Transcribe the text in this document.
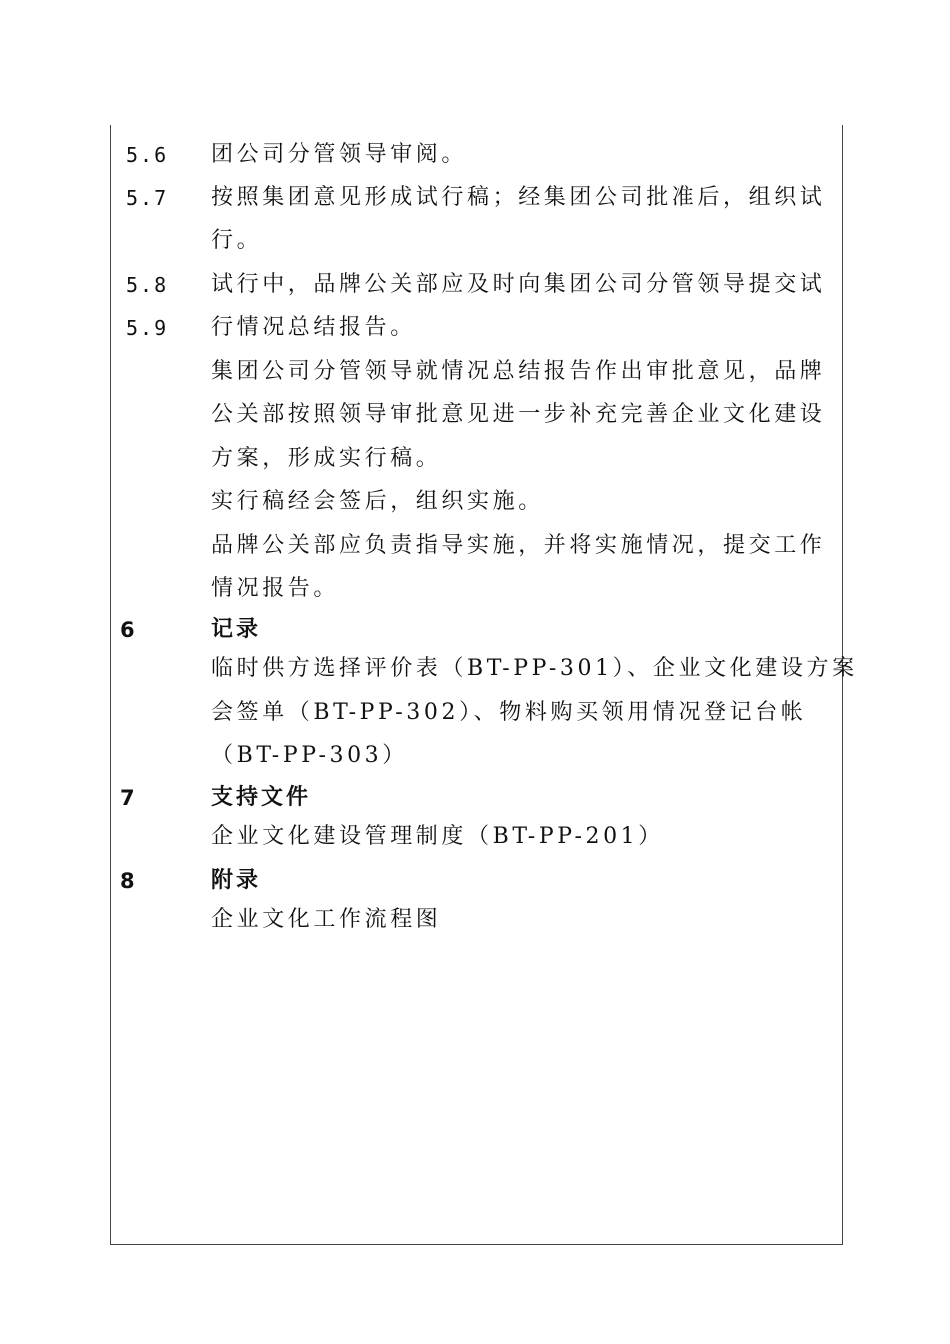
5.6 团公司分管领导审阅。
5.7 按照集团意见形成试行稿；经集团公司批准后，组织试
行。
5.8 试行中，品牌公关部应及时向集团公司分管领导提交试
5.9 行情况总结报告。
集团公司分管领导就情况总结报告作出审批意见，品牌
公关部按照领导审批意见进一步补充完善企业文化建设
方案，形成实行稿。
实行稿经会签后，组织实施。
品牌公关部应负责指导实施，并将实施情况，提交工作
情况报告。
6	记录
临时供方选择评价表（BT-PP-301）、企业文化建设方案
会签单（BT-PP-302）、物料购买领用情况登记台帐
（BT-PP-303）
7	支持文件
企业文化建设管理制度（BT-PP-201）
8	附录
企业文化工作流程图
